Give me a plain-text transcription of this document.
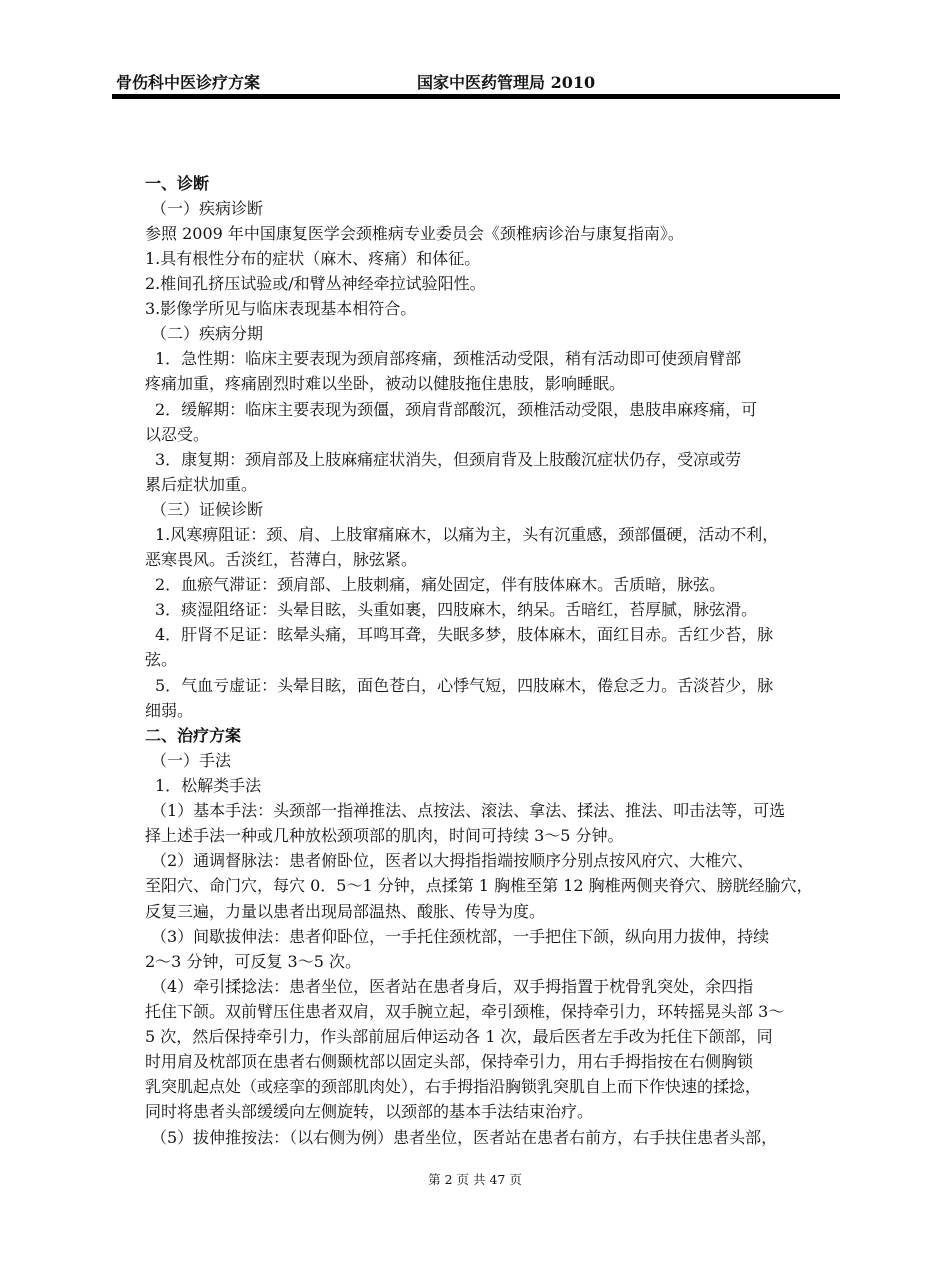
骨伤科中医诊疗方案	国家中医药管理局 2010
一、诊断
（一）疾病诊断
参照 2009 年中国康复医学会颈椎病专业委员会《颈椎病诊治与康复指南》。
1.具有根性分布的症状（麻木、疼痛）和体征。
2.椎间孔挤压试验或/和臂丛神经牵拉试验阳性。
3.影像学所见与临床表现基本相符合。
（二）疾病分期
1．急性期：临床主要表现为颈肩部疼痛，颈椎活动受限，稍有活动即可使颈肩臂部
疼痛加重，疼痛剧烈时难以坐卧，被动以健肢拖住患肢，影响睡眠。
2．缓解期：临床主要表现为颈僵，颈肩背部酸沉，颈椎活动受限，患肢串麻疼痛，可
以忍受。
3．康复期：颈肩部及上肢麻痛症状消失，但颈肩背及上肢酸沉症状仍存，受凉或劳
累后症状加重。
（三）证候诊断
1.风寒痹阻证：颈、肩、上肢窜痛麻木，以痛为主，头有沉重感，颈部僵硬，活动不利，
恶寒畏风。舌淡红，苔薄白，脉弦紧。
2．血瘀气滞证：颈肩部、上肢刺痛，痛处固定，伴有肢体麻木。舌质暗，脉弦。
3．痰湿阻络证：头晕目眩，头重如裹，四肢麻木，纳呆。舌暗红，苔厚腻，脉弦滑。
4．肝肾不足证：眩晕头痛，耳鸣耳聋，失眠多梦，肢体麻木，面红目赤。舌红少苔，脉
弦。
5．气血亏虚证：头晕目眩，面色苍白，心悸气短，四肢麻木，倦怠乏力。舌淡苔少，脉
细弱。
二、治疗方案
（一）手法
1．松解类手法
（1）基本手法：头颈部一指禅推法、点按法、滚法、拿法、揉法、推法、叩击法等，可选
择上述手法一种或几种放松颈项部的肌肉，时间可持续 3～5 分钟。
（2）通调督脉法：患者俯卧位，医者以大拇指指端按顺序分别点按风府穴、大椎穴、
至阳穴、命门穴，每穴 0．5～1 分钟，点揉第 1 胸椎至第 12 胸椎两侧夹脊穴、膀胱经腧穴，
反复三遍，力量以患者出现局部温热、酸胀、传导为度。
（3）间歇拔伸法：患者仰卧位，一手托住颈枕部，一手把住下颌，纵向用力拔伸，持续
2～3 分钟，可反复 3～5 次。
（4）牵引揉捻法：患者坐位，医者站在患者身后，双手拇指置于枕骨乳突处，余四指
托住下颌。双前臂压住患者双肩，双手腕立起，牵引颈椎，保持牵引力，环转摇晃头部 3～
5 次，然后保持牵引力，作头部前屈后伸运动各 1 次，最后医者左手改为托住下颌部，同
时用肩及枕部顶在患者右侧颞枕部以固定头部，保持牵引力，用右手拇指按在右侧胸锁
乳突肌起点处（或痉挛的颈部肌肉处），右手拇指沿胸锁乳突肌自上而下作快速的揉捻，
同时将患者头部缓缓向左侧旋转，以颈部的基本手法结束治疗。
（5）拔伸推按法：（以右侧为例）患者坐位，医者站在患者右前方，右手扶住患者头部，
第 2 页 共 47 页
